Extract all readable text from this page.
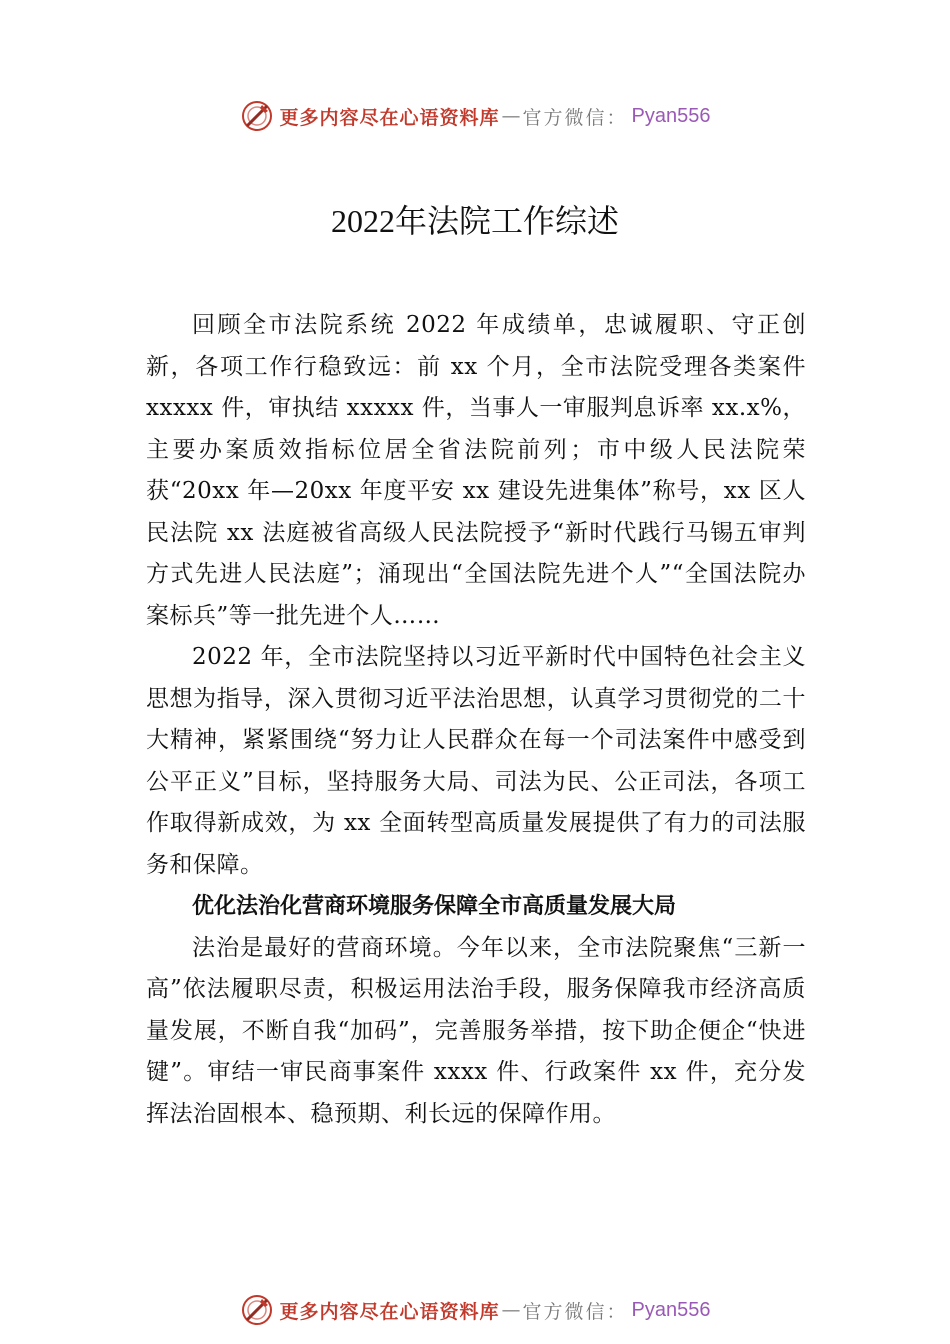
更多内容尽在心语资料库 — 官方微信： Pyan556
2022年法院工作综述

回顾全市法院系统 2022 年成绩单，忠诚履职、守正创新，各项工作行稳致远：前 xx 个月，全市法院受理各类案件 xxxxx 件，审执结 xxxxx 件，当事人一审服判息诉率 xx.x%，主要办案质效指标位居全省法院前列；市中级人民法院荣获“20xx 年—20xx 年度平安 xx 建设先进集体”称号，xx 区人民法院 xx 法庭被省高级人民法院授予“新时代践行马锡五审判方式先进人民法庭”；涌现出“全国法院先进个人”“全国法院办案标兵”等一批先进个人……

2022 年，全市法院坚持以习近平新时代中国特色社会主义思想为指导，深入贯彻习近平法治思想，认真学习贯彻党的二十大精神，紧紧围绕“努力让人民群众在每一个司法案件中感受到公平正义”目标，坚持服务大局、司法为民、公正司法，各项工作取得新成效，为 xx 全面转型高质量发展提供了有力的司法服务和保障。

优化法治化营商环境服务保障全市高质量发展大局

法治是最好的营商环境。今年以来，全市法院聚焦“三新一高”依法履职尽责，积极运用法治手段，服务保障我市经济高质量发展，不断自我“加码”，完善服务举措，按下助企便企“快进键”。审结一审民商事案件 xxxx 件、行政案件 xx 件，充分发挥法治固根本、稳预期、利长远的保障作用。

更多内容尽在心语资料库 — 官方微信： Pyan556
